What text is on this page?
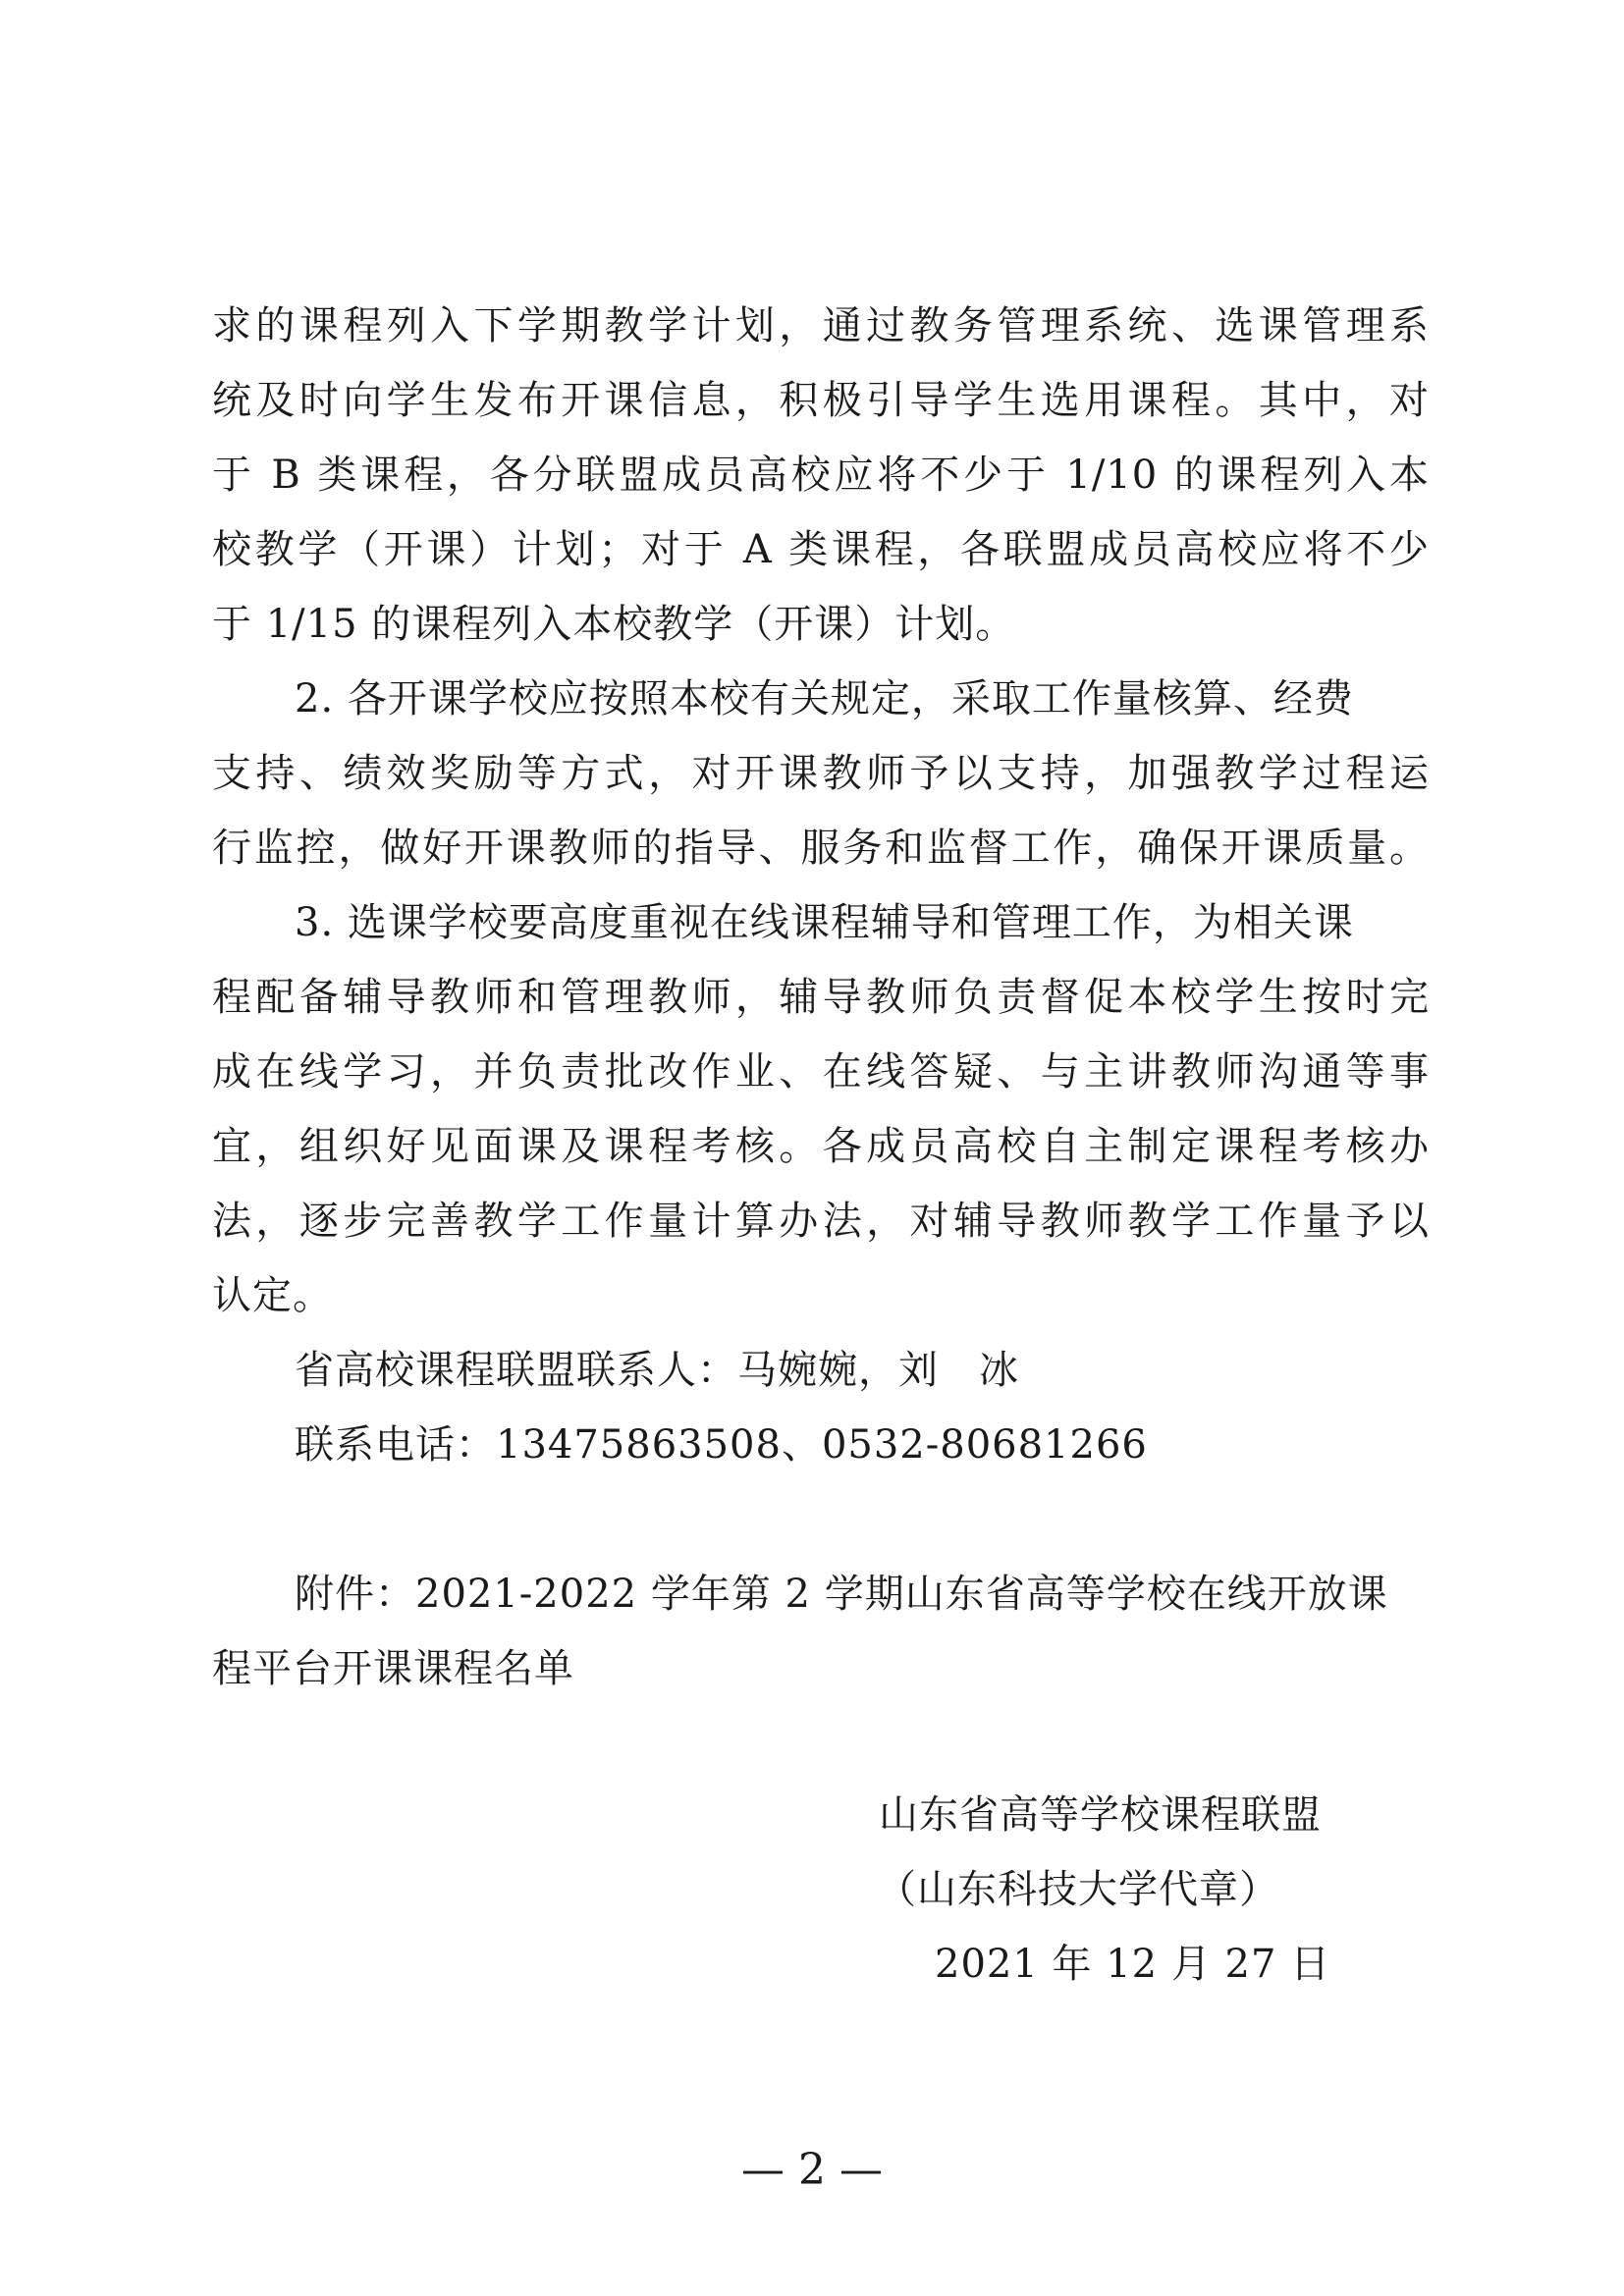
求的课程列入下学期教学计划，通过教务管理系统、选课管理系
统及时向学生发布开课信息，积极引导学生选用课程。其中，对
于 B 类课程，各分联盟成员高校应将不少于 1/10 的课程列入本
校教学（开课）计划；对于 A 类课程，各联盟成员高校应将不少
于 1/15 的课程列入本校教学（开课）计划。
2. 各开课学校应按照本校有关规定，采取工作量核算、经费
支持、绩效奖励等方式，对开课教师予以支持，加强教学过程运
行监控，做好开课教师的指导、服务和监督工作，确保开课质量。
3. 选课学校要高度重视在线课程辅导和管理工作，为相关课
程配备辅导教师和管理教师，辅导教师负责督促本校学生按时完
成在线学习，并负责批改作业、在线答疑、与主讲教师沟通等事
宜，组织好见面课及课程考核。各成员高校自主制定课程考核办
法，逐步完善教学工作量计算办法，对辅导教师教学工作量予以
认定。
省高校课程联盟联系人：马婉婉，刘　冰
联系电话：13475863508、0532-80681266
附件：2021-2022 学年第 2 学期山东省高等学校在线开放课
程平台开课课程名单
山东省高等学校课程联盟
（山东科技大学代章）
2021 年 12 月 27 日
— 2 —
